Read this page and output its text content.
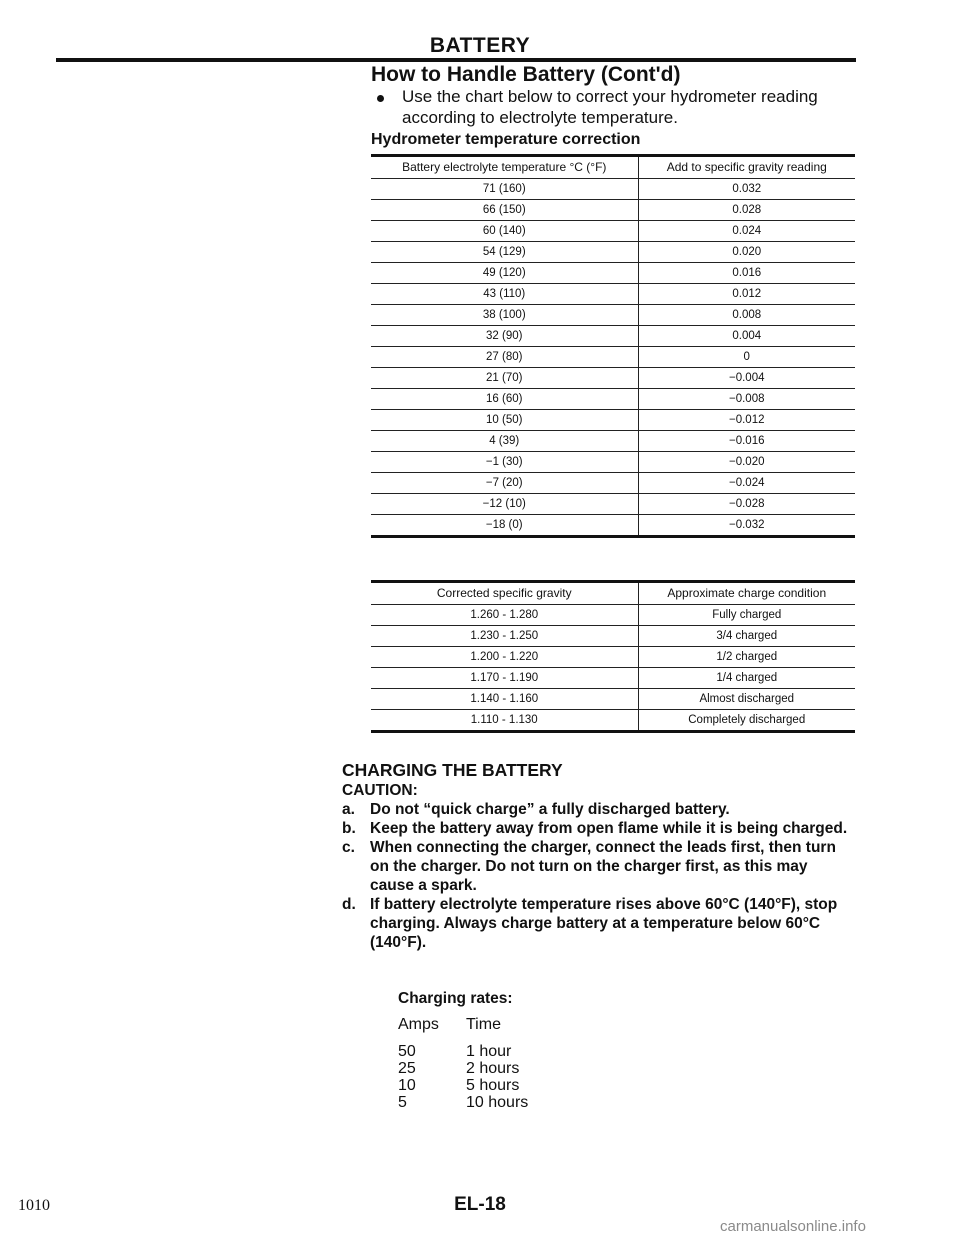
BATTERY
How to Handle Battery (Cont'd)
Use the chart below to correct your hydrometer reading according to electrolyte temperature.
Hydrometer temperature correction
Battery electrolyte temperature °C (°F)	Add to specific gravity reading
71 (160)	0.032
66 (150)	0.028
60 (140)	0.024
54 (129)	0.020
49 (120)	0.016
43 (110)	0.012
38 (100)	0.008
32 (90)	0.004
27 (80)	0
21 (70)	−0.004
16 (60)	−0.008
10 (50)	−0.012
4 (39)	−0.016
−1 (30)	−0.020
−7 (20)	−0.024
−12 (10)	−0.028
−18 (0)	−0.032
Corrected specific gravity	Approximate charge condition
1.260 - 1.280	Fully charged
1.230 - 1.250	3/4 charged
1.200 - 1.220	1/2 charged
1.170 - 1.190	1/4 charged
1.140 - 1.160	Almost discharged
1.110 - 1.130	Completely discharged
CHARGING THE BATTERY
CAUTION:
a. Do not “quick charge” a fully discharged battery.
b. Keep the battery away from open flame while it is being charged.
c. When connecting the charger, connect the leads first, then turn on the charger. Do not turn on the charger first, as this may cause a spark.
d. If battery electrolyte temperature rises above 60°C (140°F), stop charging. Always charge battery at a temperature below 60°C (140°F).
Charging rates:
Amps	Time
50	1 hour
25	2 hours
10	5 hours
5	10 hours
EL-18
1010
carmanualsonline.info
